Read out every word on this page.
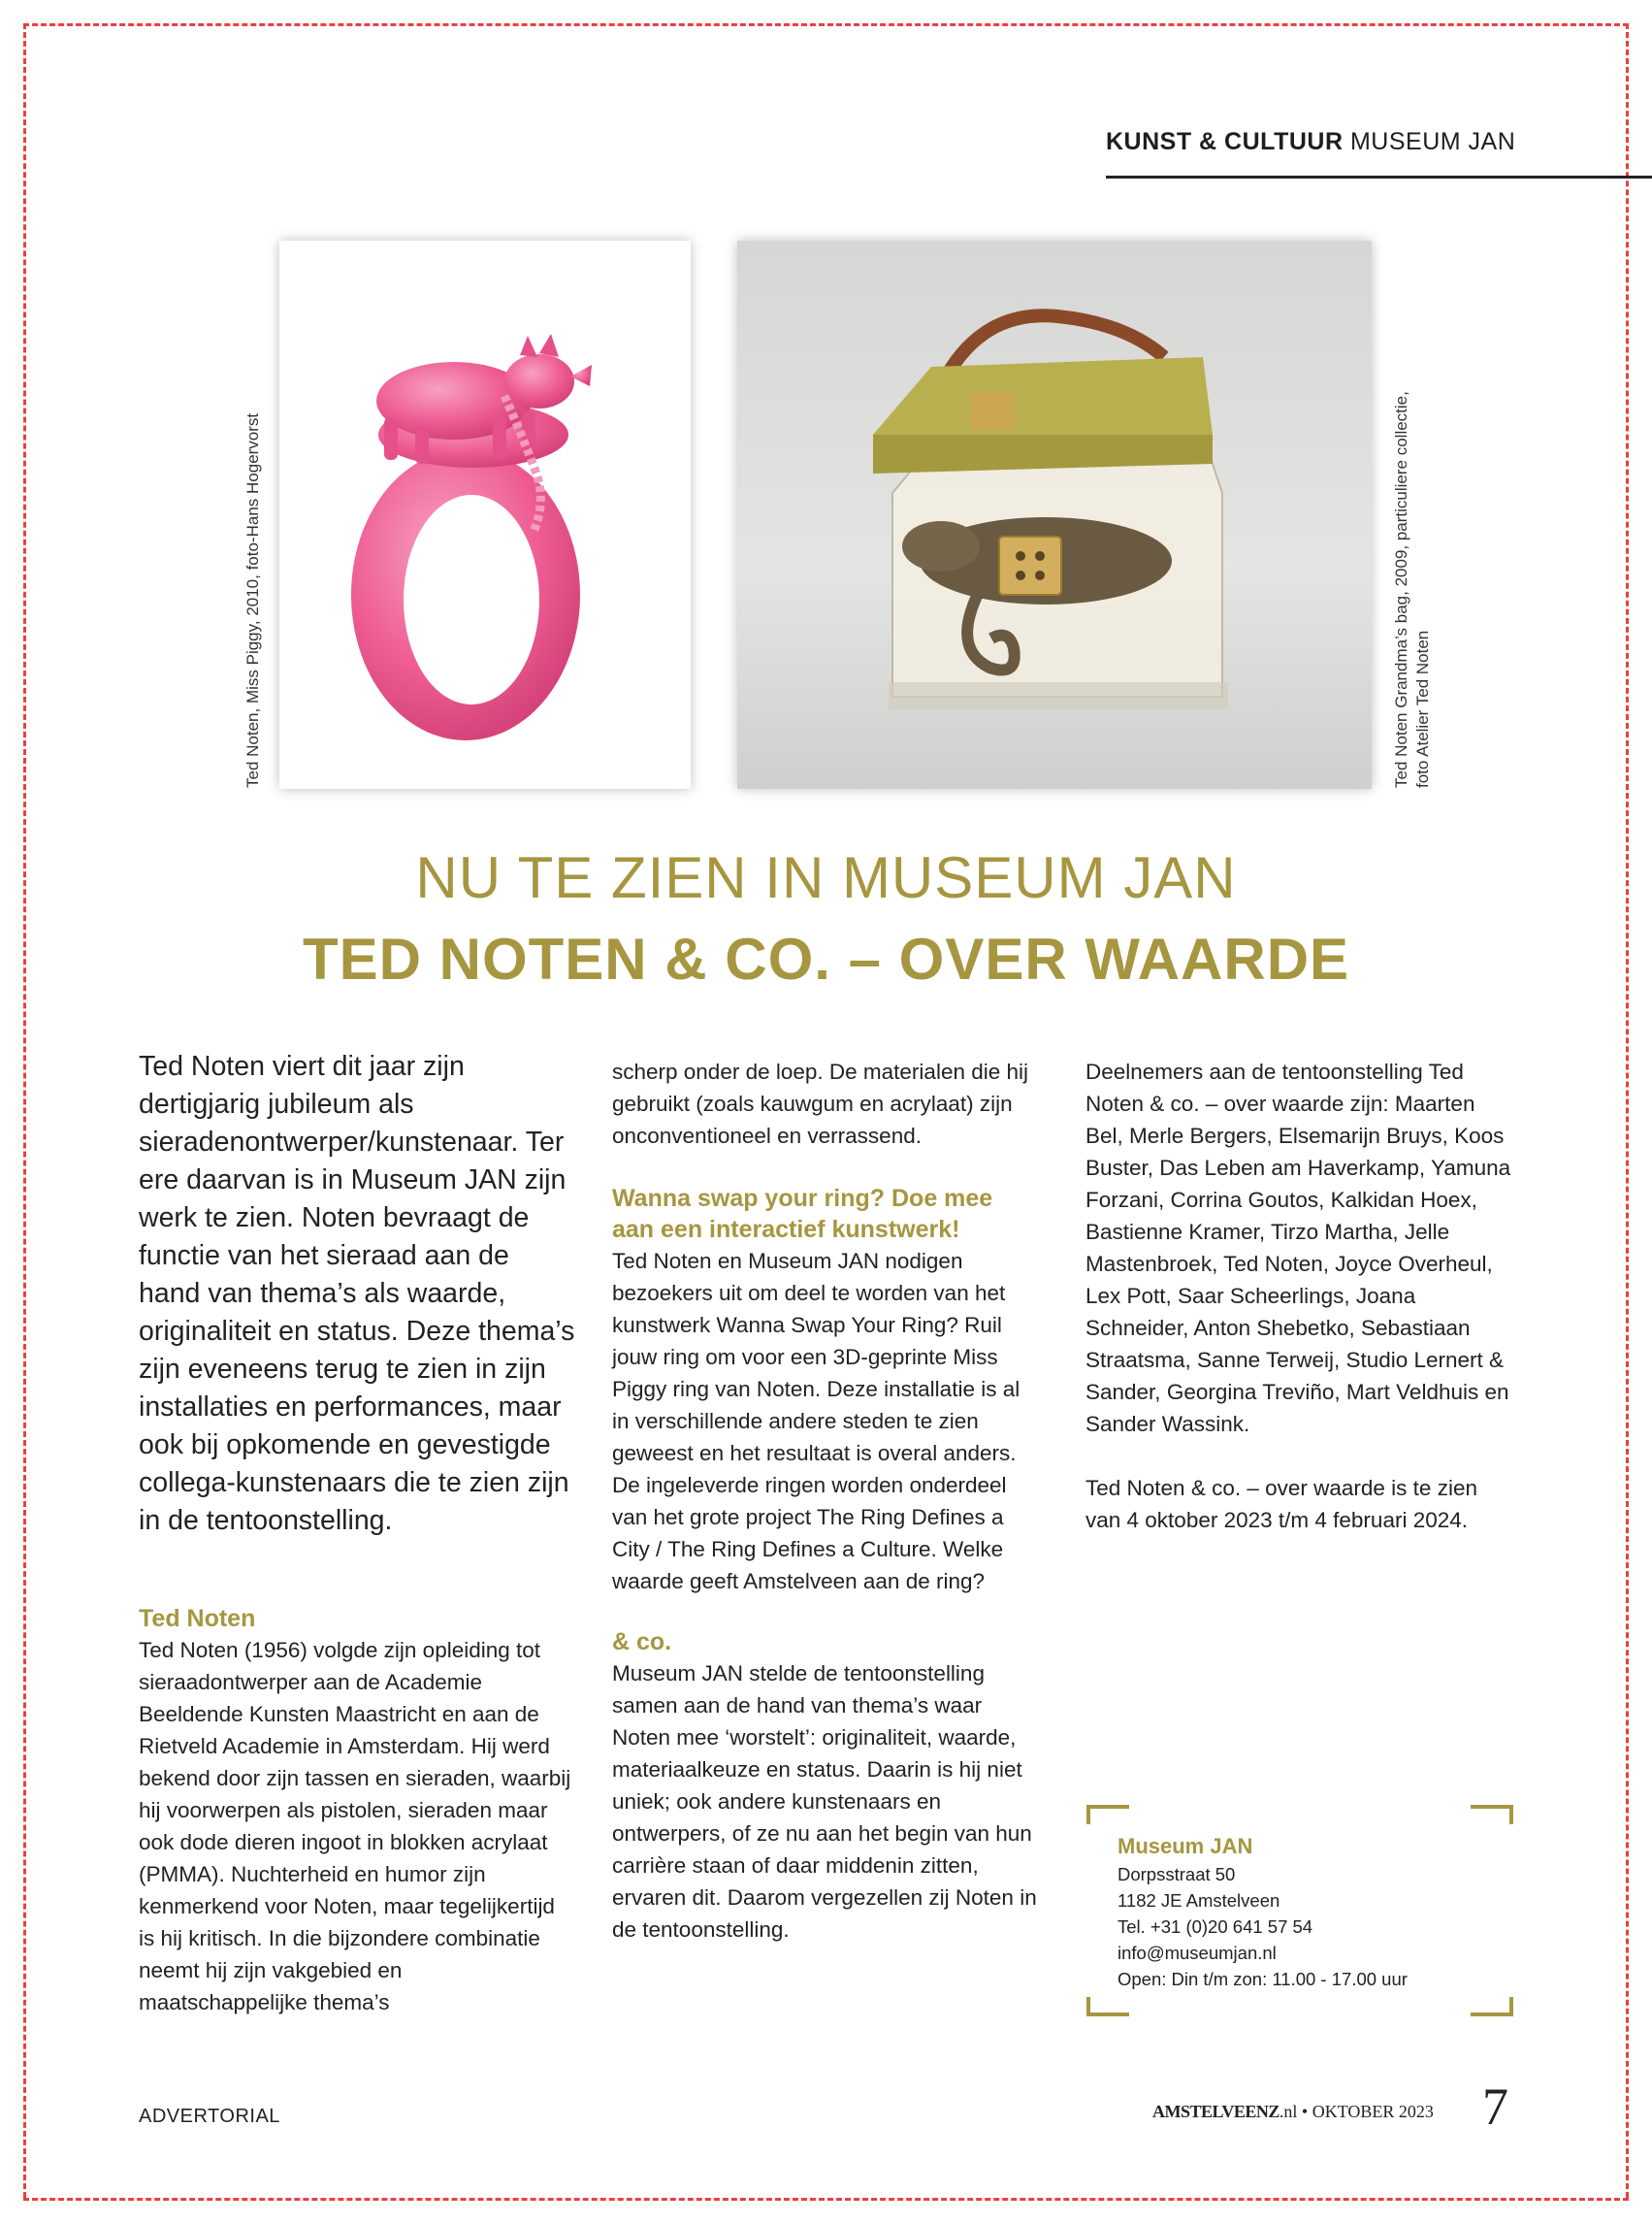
KUNST & CULTUUR MUSEUM JAN
Ted Noten, Miss Piggy, 2010, foto-Hans Hogervorst	Ted Noten Grandma’s bag, 2009, particuliere collectie, foto Atelier Ted Noten
NU TE ZIEN IN MUSEUM JAN
TED NOTEN & CO. – OVER WAARDE
Ted Noten viert dit jaar zijn dertigjarig jubileum als sieradenontwerper/kunstenaar. Ter ere daarvan is in Museum JAN zijn werk te zien. Noten bevraagt de functie van het sieraad aan de hand van thema’s als waarde, originaliteit en status. Deze thema’s zijn eveneens terug te zien in zijn installaties en performances, maar ook bij opkomende en gevestigde collega-kunstenaars die te zien zijn in de tentoonstelling.
Ted Noten

Ted Noten (1956) volgde zijn opleiding tot sieraadontwerper aan de Academie Beeldende Kunsten Maastricht en aan de Rietveld Academie in Amsterdam. Hij werd bekend door zijn tassen en sieraden, waarbij hij voorwerpen als pistolen, sieraden maar ook dode dieren ingoot in blokken acrylaat (PMMA). Nuchterheid en humor zijn kenmerkend voor Noten, maar tegelijkertijd is hij kritisch. In die bijzondere combinatie neemt hij zijn vakgebied en maatschappelijke thema’s

scherp onder de loep. De materialen die hij gebruikt (zoals kauwgum en acrylaat) zijn onconventioneel en verrassend.

Wanna swap your ring? Doe mee aan een interactief kunstwerk!

Ted Noten en Museum JAN nodigen bezoekers uit om deel te worden van het kunstwerk Wanna Swap Your Ring? Ruil jouw ring om voor een 3D-geprinte Miss Piggy ring van Noten. Deze installatie is al in verschillende andere steden te zien geweest en het resultaat is overal anders. De ingeleverde ringen worden onderdeel van het grote project The Ring Defines a City / The Ring Defines a Culture. Welke waarde geeft Amstelveen aan de ring?

& co.

Museum JAN stelde de tentoonstelling samen aan de hand van thema’s waar Noten mee ‘worstelt’: originaliteit, waarde, materiaalkeuze en status. Daarin is hij niet uniek; ook andere kunstenaars en ontwerpers, of ze nu aan het begin van hun carrière staan of daar middenin zitten, ervaren dit. Daarom vergezellen zij Noten in de tentoonstelling.

Deelnemers aan de tentoonstelling Ted Noten & co. – over waarde zijn: Maarten Bel, Merle Bergers, Elsemarijn Bruys, Koos Buster, Das Leben am Haverkamp, Yamuna Forzani, Corrina Goutos, Kalkidan Hoex, Bastienne Kramer, Tirzo Martha, Jelle Mastenbroek, Ted Noten, Joyce Overheul, Lex Pott, Saar Scheerlings, Joana Schneider, Anton Shebetko, Sebastiaan Straatsma, Sanne Terweij, Studio Lernert & Sander, Georgina Treviño, Mart Veldhuis en Sander Wassink.

Ted Noten & co. – over waarde is te zien van 4 oktober 2023 t/m 4 februari 2024.

Museum JAN
Dorpsstraat 50
1182 JE Amstelveen
Tel. +31 (0)20 641 57 54
info@museumjan.nl
Open: Din t/m zon: 11.00 - 17.00 uur
ADVERTORIAL	AMSTELVEENZ.nl • OKTOBER 2023 7
